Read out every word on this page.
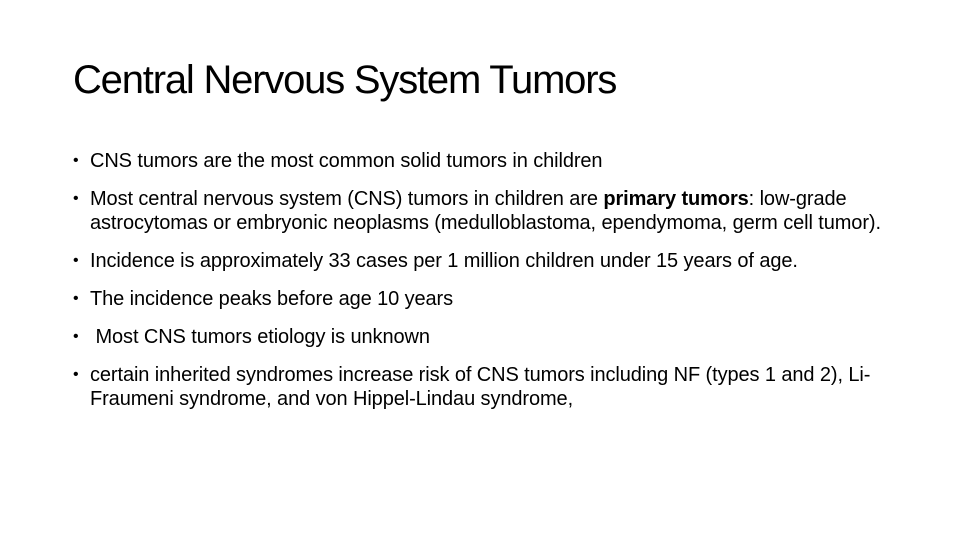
Central Nervous System Tumors
• CNS tumors are the most common solid tumors in children
• Most central nervous system (CNS) tumors in children are primary tumors: low-grade astrocytomas or embryonic neoplasms (medulloblastoma, ependymoma, germ cell tumor).
• Incidence is approximately 33 cases per 1 million children under 15 years of age.
• The incidence peaks before age 10 years
• Most CNS tumors etiology is unknown
• certain inherited syndromes increase risk of CNS tumors including NF (types 1 and 2), Li-Fraumeni syndrome, and von Hippel-Lindau syndrome,
